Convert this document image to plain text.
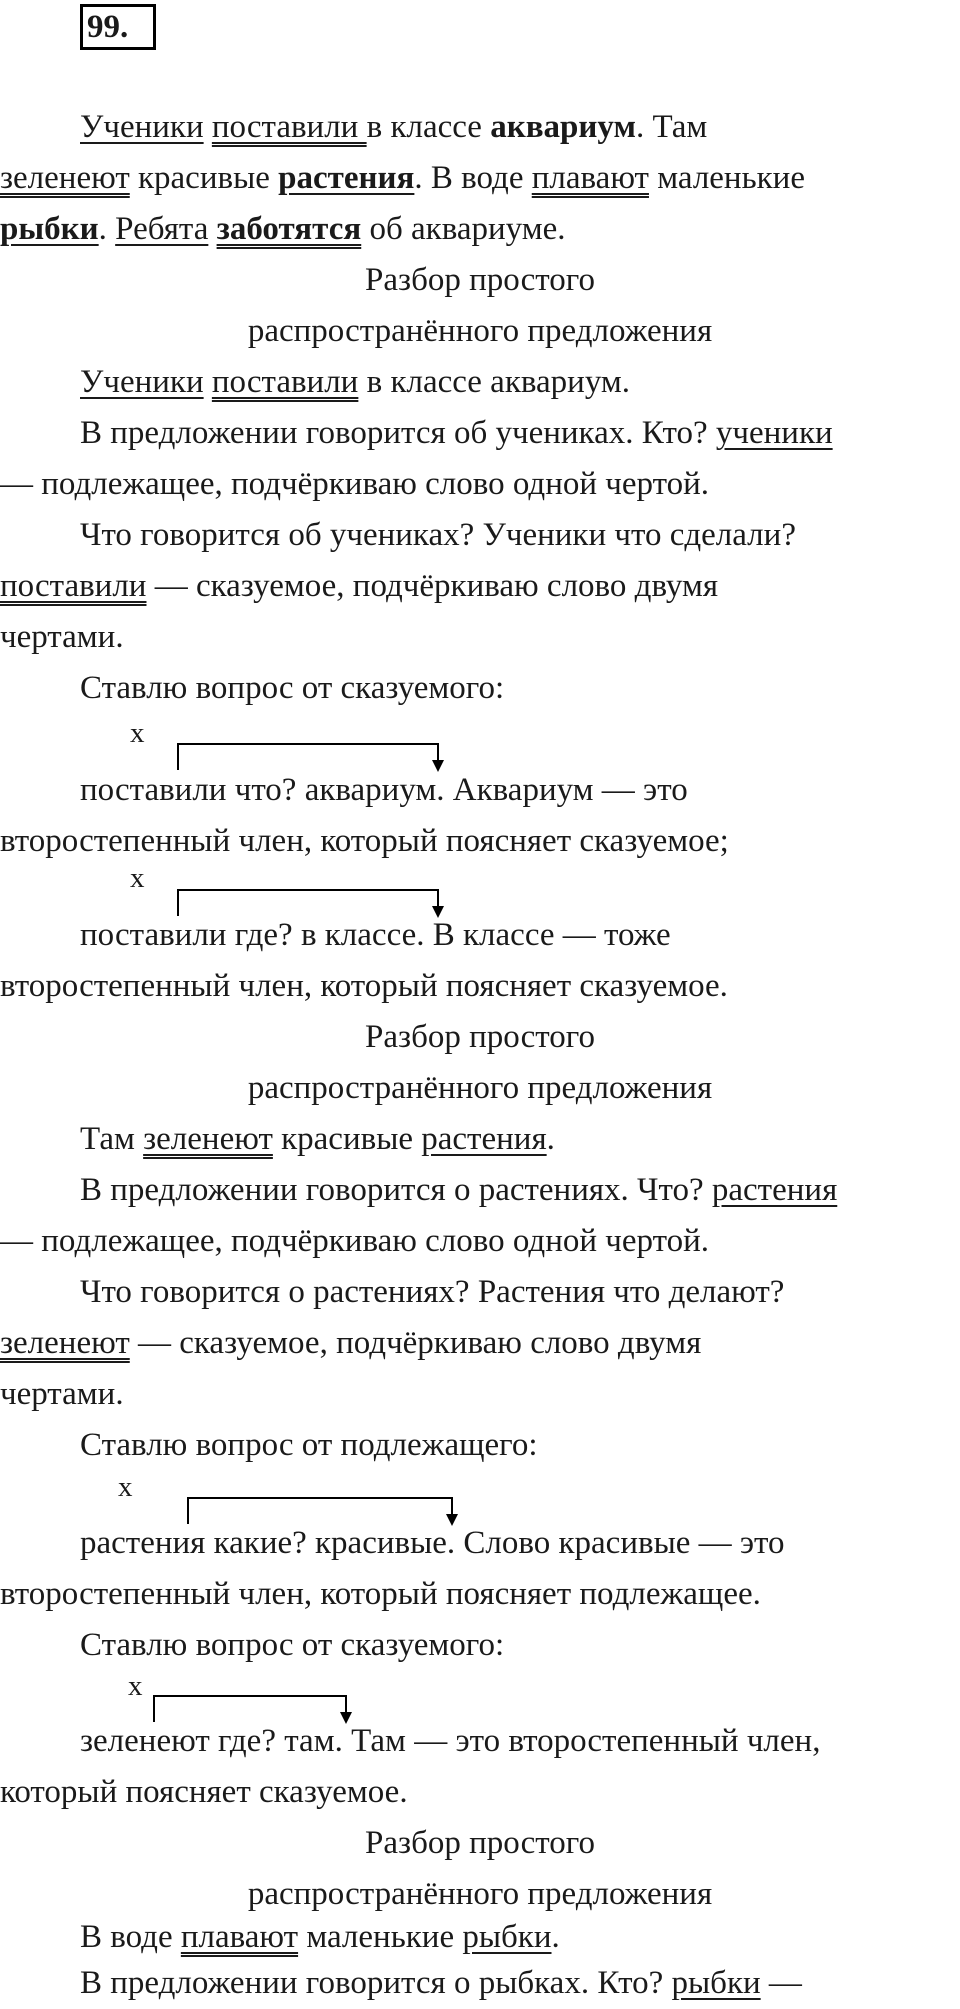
99.
Ученики поставили в классе аквариум. Там
зеленеют красивые растения. В воде плавают маленькие
рыбки. Ребята заботятся об аквариуме.
Разбор простого
распространённого предложения
Ученики поставили в классе аквариум.
В предложении говорится об учениках. Кто? ученики
— подлежащее, подчёркиваю слово одной чертой.
Что говорится об учениках? Ученики что сделали?
поставили — сказуемое, подчёркиваю слово двумя
чертами.
Ставлю вопрос от сказуемого:
х
поставили что? аквариум. Аквариум — это
второстепенный член, который поясняет сказуемое;
х
поставили где? в классе. В классе — тоже
второстепенный член, который поясняет сказуемое.
Разбор простого
распространённого предложения
Там зеленеют красивые растения.
В предложении говорится о растениях. Что? растения
— подлежащее, подчёркиваю слово одной чертой.
Что говорится о растениях? Растения что делают?
зеленеют — сказуемое, подчёркиваю слово двумя
чертами.
Ставлю вопрос от подлежащего:
х
растения какие? красивые. Слово красивые — это
второстепенный член, который поясняет подлежащее.
Ставлю вопрос от сказуемого:
х
зеленеют где? там. Там — это второстепенный член,
который поясняет сказуемое.
Разбор простого
распространённого предложения
В воде плавают маленькие рыбки.
В предложении говорится о рыбках. Кто? рыбки —
